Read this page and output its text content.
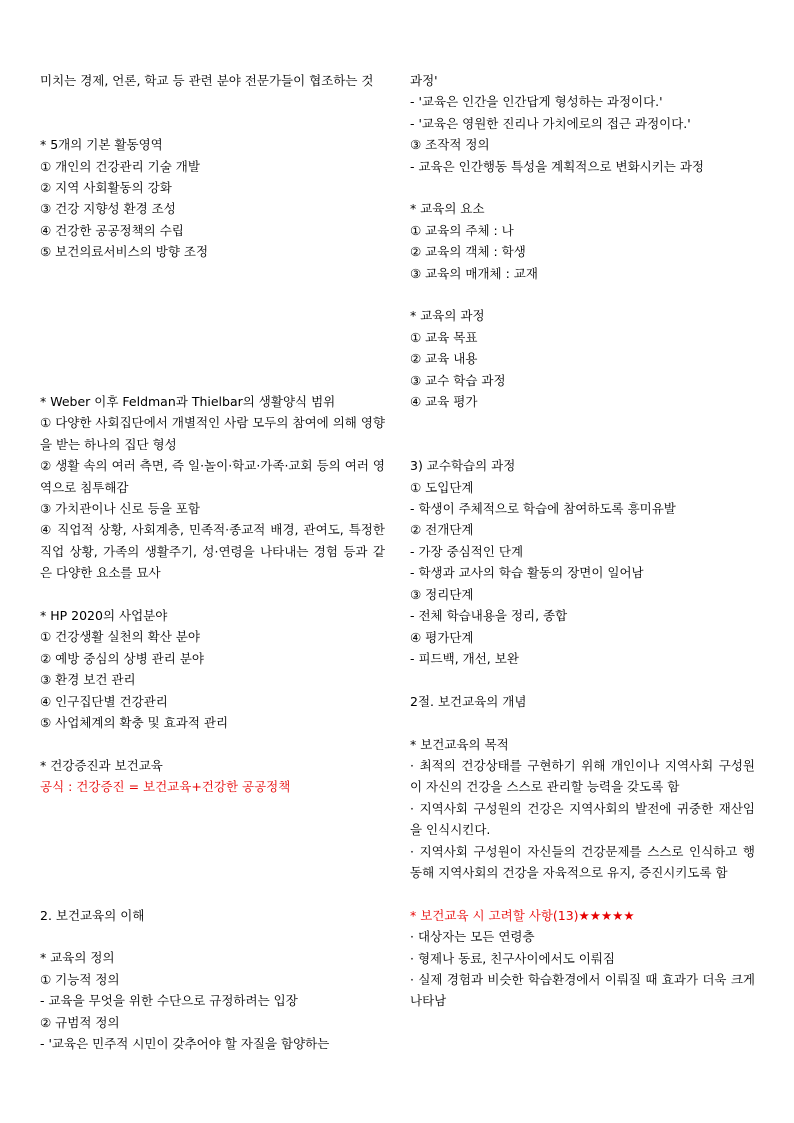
미치는 경제, 언론, 학교 등 관련 분야 전문가들이 협조하는 것
* 5개의 기본 활동영역
① 개인의 건강관리 기술 개발
② 지역 사회활동의 강화
③ 건강 지향성 환경 조성
④ 건강한 공공정책의 수립
⑤ 보건의료서비스의 방향 조정
* Weber 이후 Feldman과 Thielbar의 생활양식 범위
① 다양한 사회집단에서 개별적인 사람 모두의 참여에 의해 영향을 받는 하나의 집단 형성
② 생활 속의 여러 측면, 즉 일·놀이·학교·가족·교회 등의 여러 영역으로 침투해감
③ 가치관이나 신로 등을 포함
④ 직업적 상황, 사회계층, 민족적·종교적 배경, 관여도, 특정한 직업 상황, 가족의 생활주기, 성·연령을 나타내는 경험 등과 같은 다양한 요소를 묘사
* HP 2020의 사업분야
① 건강생활 실천의 확산 분야
② 예방 중심의 상병 관리 분야
③ 환경 보건 관리
④ 인구집단별 건강관리
⑤ 사업체계의 확충 및 효과적 관리
* 건강증진과 보건교육
공식 : 건강증진 = 보건교육+건강한 공공정책
2. 보건교육의 이해
* 교육의 정의
① 기능적 정의
- 교육을 무엇을 위한 수단으로 규정하려는 입장
② 규범적 정의
- '교육은 민주적 시민이 갖추어야 할 자질을 함양하는
과정'
- '교육은 인간을 인간답게 형성하는 과정이다.'
- '교육은 영원한 진리나 가치에로의 접근 과정이다.'
③ 조작적 정의
- 교육은 인간행동 특성을 계획적으로 변화시키는 과정
* 교육의 요소
① 교육의 주체 : 나
② 교육의 객체 : 학생
③ 교육의 매개체 : 교재
* 교육의 과정
① 교육 목표
② 교육 내용
③ 교수 학습 과정
④ 교육 평가
3) 교수학습의 과정
① 도입단계
- 학생이 주체적으로 학습에 참여하도록 흥미유발
② 전개단계
- 가장 중심적인 단계
- 학생과 교사의 학습 활동의 장면이 일어남
③ 정리단계
- 전체 학습내용을 정리, 종합
④ 평가단계
- 피드백, 개선, 보완
2절. 보건교육의 개념
* 보건교육의 목적
· 최적의 건강상태를 구현하기 위해 개인이나 지역사회 구성원이 자신의 건강을 스스로 관리할 능력을 갖도록 함
· 지역사회 구성원의 건강은 지역사회의 발전에 귀중한 재산임을 인식시킨다.
· 지역사회 구성원이 자신들의 건강문제를 스스로 인식하고 행동해 지역사회의 건강을 자육적으로 유지, 증진시키도록 함
* 보건교육 시 고려할 사항(13)★★★★★
· 대상자는 모든 연령층
· 형제나 동료, 친구사이에서도 이뤄짐
· 실제 경험과 비슷한 학습환경에서 이뤄질 때 효과가 더욱 크게 나타남
